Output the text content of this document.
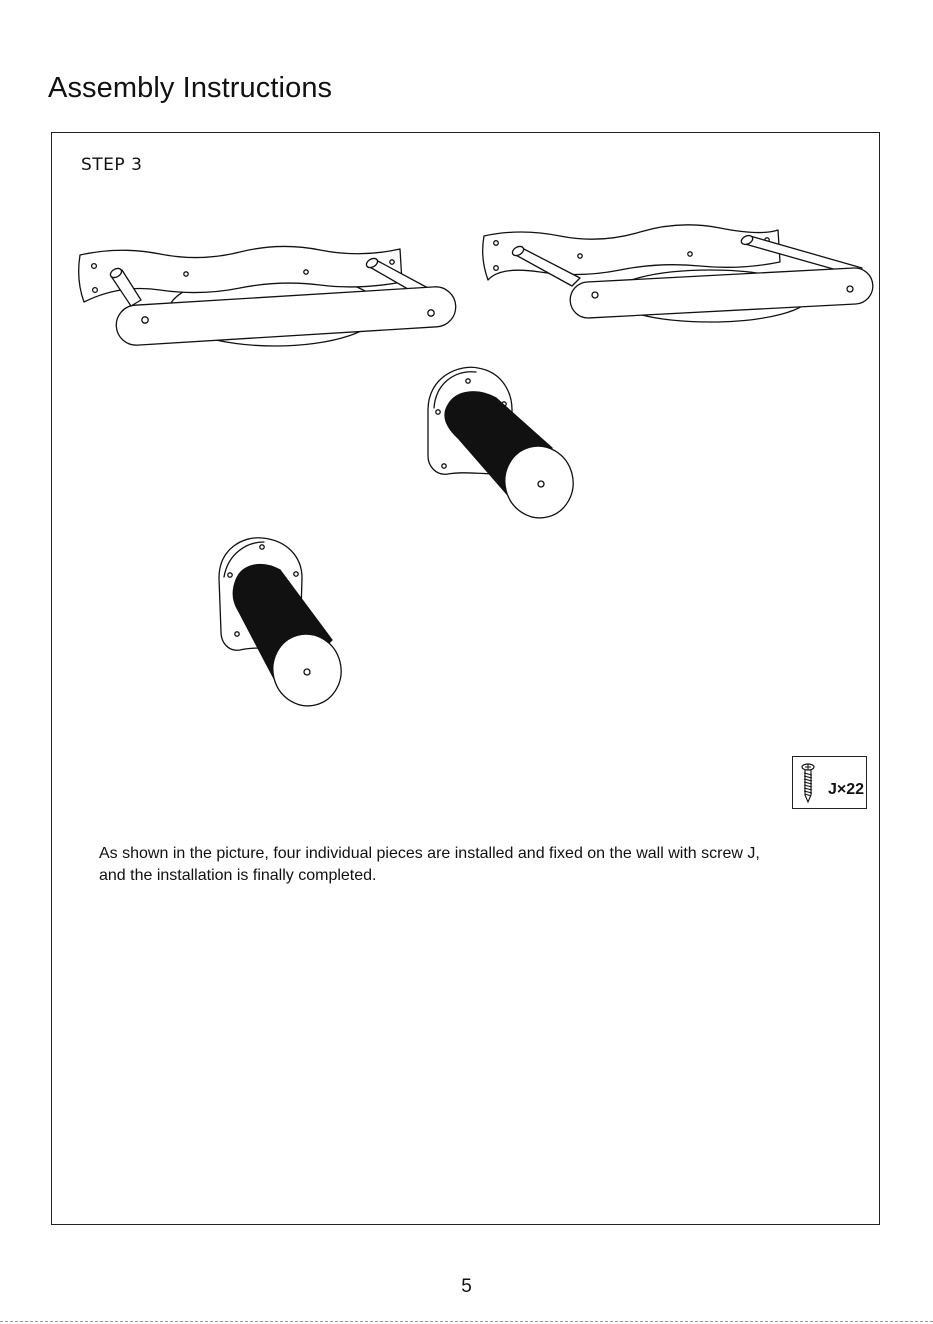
Assembly Instructions
STEP 3
J×22

As shown in the picture, four individual pieces are installed and fixed on the wall with screw J, and the installation is finally completed.

5
